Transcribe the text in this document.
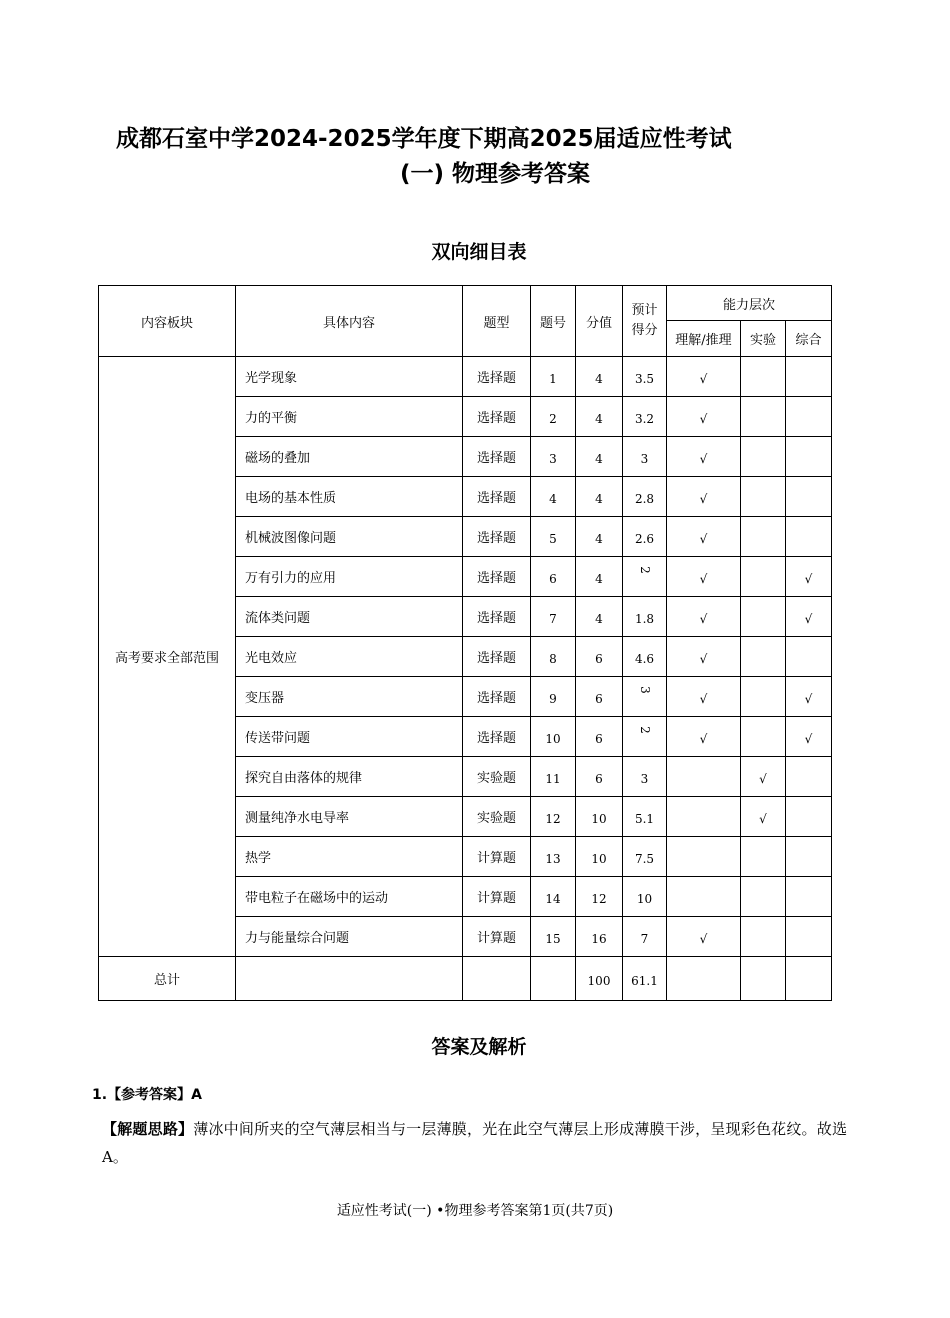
成都石室中学2024-2025学年度下期高2025届适应性考试
(一) 物理参考答案
双向细目表
内容板块	具体内容	题型	题号	分值	预计得分	能力层次		
						理解/推理	实验	综合
高考要求全部范围	光学现象	选择题	1	4	3.5	√		
	力的平衡	选择题	2	4	3.2	√		
	磁场的叠加	选择题	3	4	3	√		
	电场的基本性质	选择题	4	4	2.8	√		
	机械波图像问题	选择题	5	4	2.6	√		
	万有引力的应用	选择题	6	4	2	√		√
	流体类问题	选择题	7	4	1.8	√		√
	光电效应	选择题	8	6	4.6	√		
	变压器	选择题	9	6	3	√		√
	传送带问题	选择题	10	6	2	√		√
	探究自由落体的规律	实验题	11	6	3		√	
	测量纯净水电导率	实验题	12	10	5.1		√	
	热学	计算题	13	10	7.5			
	带电粒子在磁场中的运动	计算题	14	12	10			
	力与能量综合问题	计算题	15	16	7	√		
总计				100	61.1			
答案及解析
1.【参考答案】A
【解题思路】薄冰中间所夹的空气薄层相当与一层薄膜，光在此空气薄层上形成薄膜干涉，呈现彩色花纹。故选 A。
适应性考试(一) •物理参考答案第1页(共7页)
